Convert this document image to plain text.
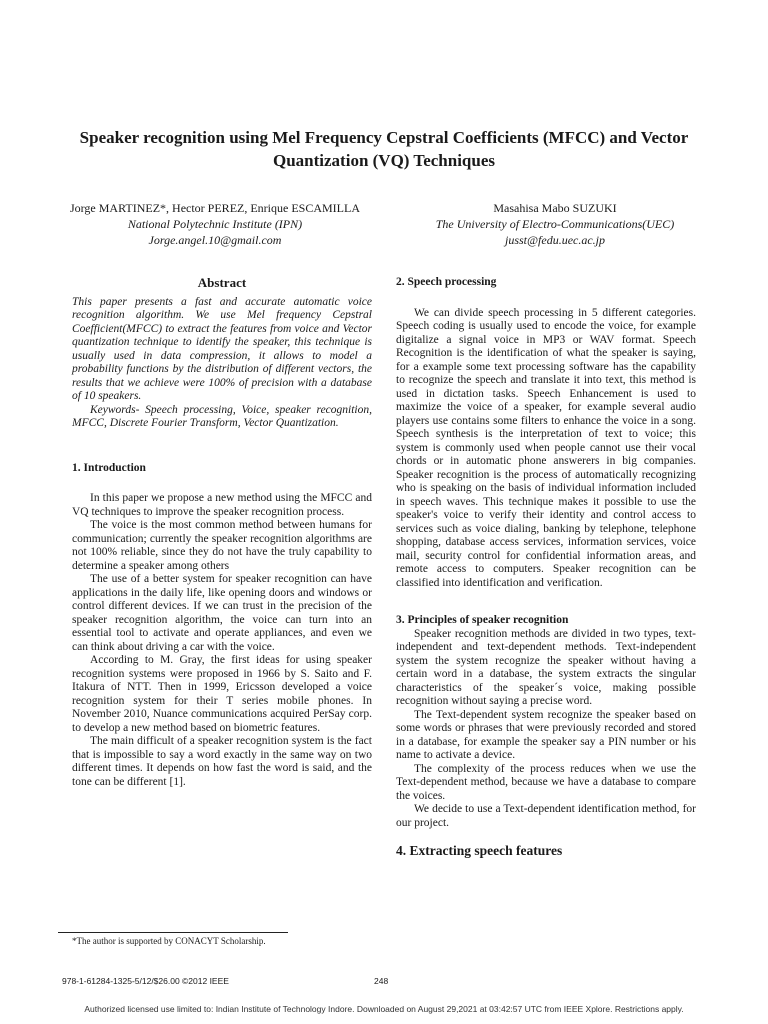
Speaker recognition using Mel Frequency Cepstral Coefficients (MFCC) and Vector Quantization (VQ) Techniques
Jorge MARTINEZ*, Hector PEREZ, Enrique ESCAMILLA
National Polytechnic Institute (IPN)
Jorge.angel.10@gmail.com
Masahisa Mabo SUZUKI
The University of Electro-Communications(UEC)
jusst@fedu.uec.ac.jp
Abstract

This paper presents a fast and accurate automatic voice recognition algorithm. We use Mel frequency Cepstral Coefficient(MFCC) to extract the features from voice and Vector quantization technique to identify the speaker, this technique is usually used in data compression, it allows to model a probability functions by the distribution of different vectors, the results that we achieve were 100% of precision with a database of 10 speakers.

Keywords- Speech processing, Voice, speaker recognition, MFCC, Discrete Fourier Transform, Vector Quantization.

1. Introduction

In this paper we propose a new method using the MFCC and VQ techniques to improve the speaker recognition process.

The voice is the most common method between humans for communication; currently the speaker recognition algorithms are not 100% reliable, since they do not have the truly capability to determine a speaker among others

The use of a better system for speaker recognition can have applications in the daily life, like opening doors and windows or control different devices. If we can trust in the precision of the speaker recognition algorithm, the voice can turn into an essential tool to activate and operate appliances, and even we can think about driving a car with the voice.

According to M. Gray, the first ideas for using speaker recognition systems were proposed in 1966 by S. Saito and F. Itakura of NTT. Then in 1999, Ericsson developed a voice recognition system for their T series mobile phones. In November 2010, Nuance communications acquired PerSay corp. to develop a new method based on biometric features.

The main difficult of a speaker recognition system is the fact that is impossible to say a word exactly in the same way on two different times. It depends on how fast the word is said, and the tone can be different [1].

2. Speech processing

We can divide speech processing in 5 different categories. Speech coding is usually used to encode the voice, for example digitalize a signal voice in MP3 or WAV format. Speech Recognition is the identification of what the speaker is saying, for a example some text processing software has the capability to recognize the speech and translate it into text, this method is used in dictation tasks. Speech Enhancement is used to maximize the voice of a speaker, for example several audio players use contains some filters to enhance the voice in a song. Speech synthesis is the interpretation of text to voice; this system is commonly used when people cannot use their vocal chords or in automatic phone answerers in big companies. Speaker recognition is the process of automatically recognizing who is speaking on the basis of individual information included in speech waves. This technique makes it possible to use the speaker's voice to verify their identity and control access to services such as voice dialing, banking by telephone, telephone shopping, database access services, information services, voice mail, security control for confidential information areas, and remote access to computers. Speaker recognition can be classified into identification and verification.

3. Principles of speaker recognition

Speaker recognition methods are divided in two types, text-independent and text-dependent methods. Text-independent system the system recognize the speaker without having a certain word in a database, the system extracts the singular characteristics of the speaker´s voice, making possible recognition without saying a precise word.

The Text-dependent system recognize the speaker based on some words or phrases that were previously recorded and stored in a database, for example the speaker say a PIN number or his name to activate a device.

The complexity of the process reduces when we use the Text-dependent method, because we have a database to compare the voices.

We decide to use a Text-dependent identification method, for our project.

4. Extracting speech features
*The author is supported by CONACYT Scholarship.
978-1-61284-1325-5/12/$26.00 ©2012 IEEE	248
Authorized licensed use limited to: Indian Institute of Technology Indore. Downloaded on August 29,2021 at 03:42:57 UTC from IEEE Xplore. Restrictions apply.
